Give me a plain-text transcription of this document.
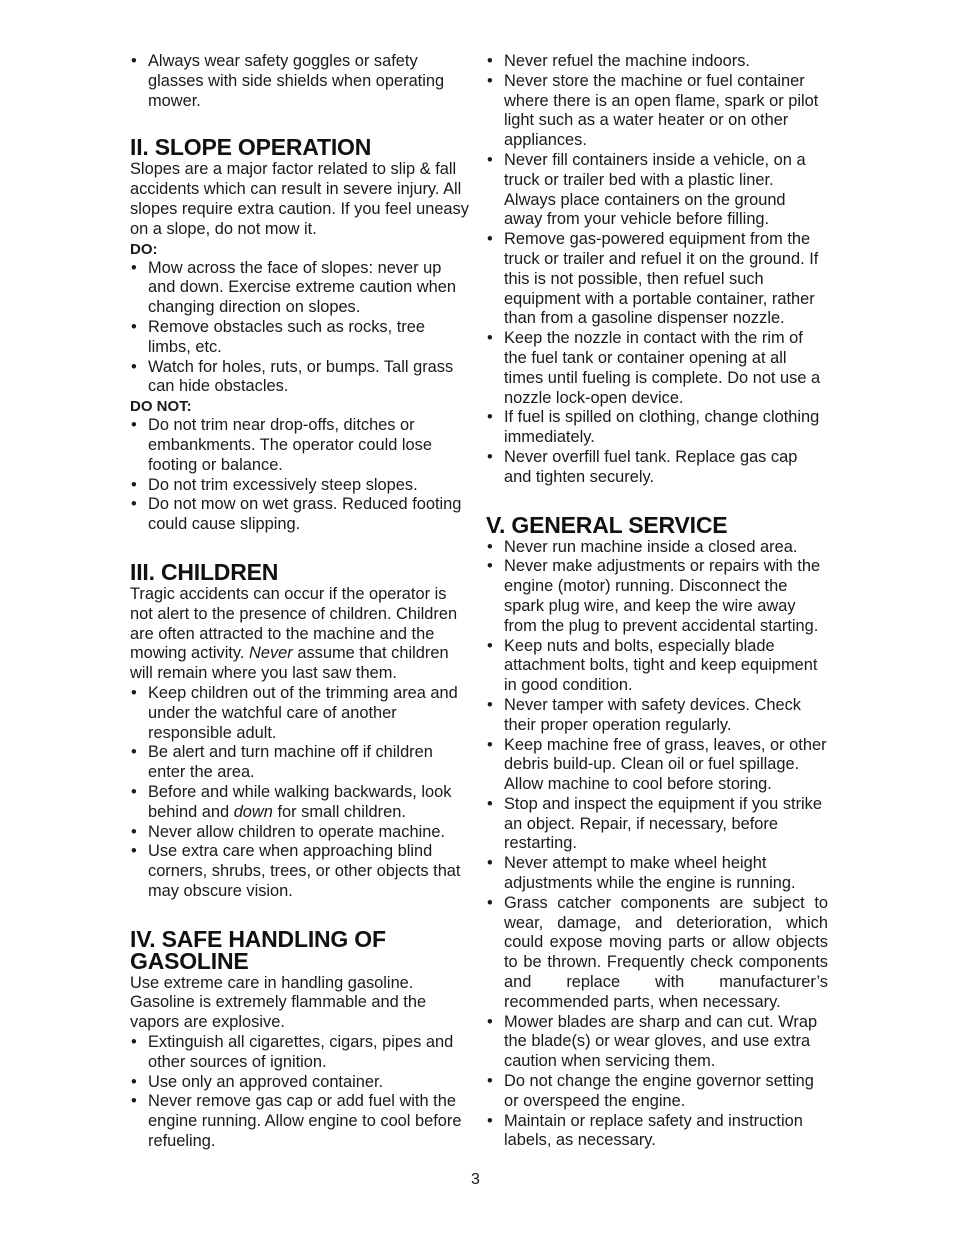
• Always wear safety goggles or safety glasses with side shields when operating mower.
II. SLOPE OPERATION

Slopes are a major factor related to slip & fall accidents which can result in severe injury. All slopes require extra caution. If you feel uneasy on a slope, do not mow it.

DO:
• Mow across the face of slopes: never up and down. Exercise extreme caution when changing direction on slopes.
• Remove obstacles such as rocks, tree limbs, etc.
• Watch for holes, ruts, or bumps. Tall grass can hide obstacles.
DO NOT:
• Do not trim near drop-offs, ditches or embankments. The operator could lose footing or balance.
• Do not trim excessively steep slopes.
• Do not mow on wet grass. Reduced footing could cause slipping.
III. CHILDREN

Tragic accidents can occur if the operator is not alert to the presence of children. Children are often attracted to the machine and the mowing activity. Never assume that children will remain where you last saw them.

• Keep children out of the trimming area and under the watchful care of another responsible adult.
• Be alert and turn machine off if children enter the area.
• Before and while walking backwards, look behind and down for small children.
• Never allow children to operate machine.
• Use extra care when approaching blind corners, shrubs, trees, or other objects that may obscure vision.
IV. SAFE HANDLING OF
GASOLINE

Use extreme care in handling gasoline. Gasoline is extremely flammable and the vapors are explosive.

• Extinguish all cigarettes, cigars, pipes and other sources of ignition.
• Use only an approved container.
• Never remove gas cap or add fuel with the engine running. Allow engine to cool before refueling.
• Never refuel the machine indoors.
• Never store the machine or fuel container where there is an open flame, spark or pilot light such as a water heater or on other appliances.
• Never fill containers inside a vehicle, on a truck or trailer bed with a plastic liner. Always place containers on the ground away from your vehicle before filling.
• Remove gas-powered equipment from the truck or trailer and refuel it on the ground. If this is not possible, then refuel such equipment with a portable container, rather than from a gasoline dispenser nozzle.
• Keep the nozzle in contact with the rim of the fuel tank or container opening at all times until fueling is complete. Do not use a nozzle lock-open device.
• If fuel is spilled on clothing, change clothing immediately.
• Never overfill fuel tank. Replace gas cap and tighten securely.
V. GENERAL SERVICE
• Never run machine inside a closed area.
• Never make adjustments or repairs with the engine (motor) running. Disconnect the spark plug wire, and keep the wire away from the plug to prevent accidental starting.
• Keep nuts and bolts, especially blade attachment bolts, tight and keep equipment in good condition.
• Never tamper with safety devices. Check their proper operation regularly.
• Keep machine free of grass, leaves, or other debris build-up. Clean oil or fuel spillage. Allow machine to cool before storing.
• Stop and inspect the equipment if you strike an object. Repair, if necessary, before restarting.
• Never attempt to make wheel height adjustments while the engine is running.
• Grass catcher components are subject to wear, damage, and deterioration, which could expose moving parts or allow objects to be thrown. Frequently check components and replace with manufacturer’s recommended parts, when necessary.
• Mower blades are sharp and can cut. Wrap the blade(s) or wear gloves, and use extra caution when servicing them.
• Do not change the engine governor setting or overspeed the engine.
• Maintain or replace safety and instruction labels, as necessary.
3
